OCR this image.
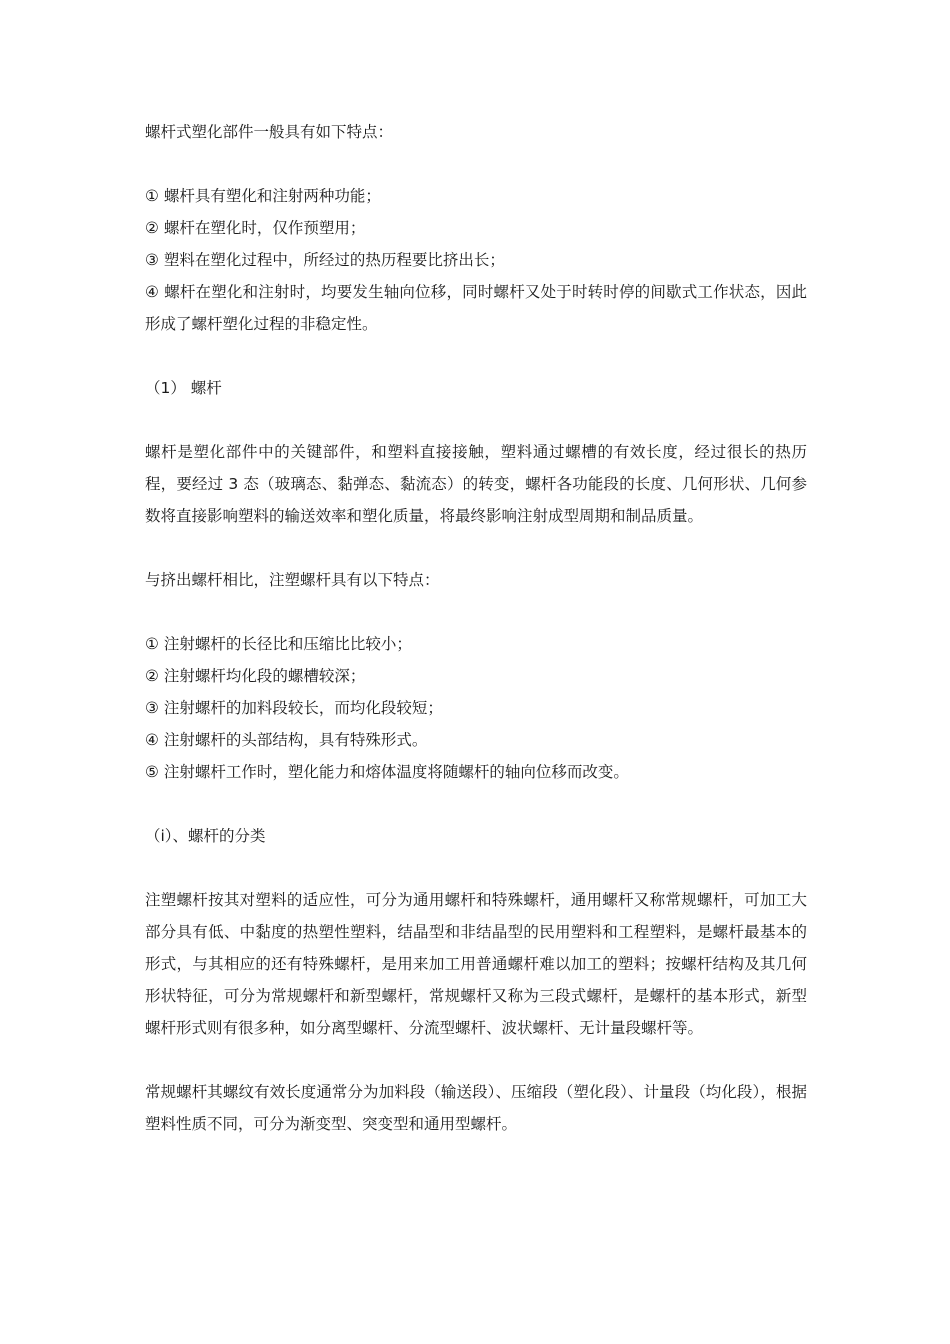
螺杆式塑化部件一般具有如下特点：

① 螺杆具有塑化和注射两种功能；

② 螺杆在塑化时，仅作预塑用；

③ 塑料在塑化过程中，所经过的热历程要比挤出长；

④ 螺杆在塑化和注射时，均要发生轴向位移，同时螺杆又处于时转时停的间歇式工作状态，因此形成了螺杆塑化过程的非稳定性。

（1） 螺杆

螺杆是塑化部件中的关键部件，和塑料直接接触，塑料通过螺槽的有效长度，经过很长的热历程，要经过 3 态（玻璃态、黏弹态、黏流态）的转变，螺杆各功能段的长度、几何形状、几何参数将直接影响塑料的输送效率和塑化质量，将最终影响注射成型周期和制品质量。

与挤出螺杆相比，注塑螺杆具有以下特点：

① 注射螺杆的长径比和压缩比比较小；

② 注射螺杆均化段的螺槽较深；

③ 注射螺杆的加料段较长，而均化段较短；

④ 注射螺杆的头部结构，具有特殊形式。

⑤ 注射螺杆工作时，塑化能力和熔体温度将随螺杆的轴向位移而改变。

（ⅰ）、螺杆的分类

注塑螺杆按其对塑料的适应性，可分为通用螺杆和特殊螺杆，通用螺杆又称常规螺杆，可加工大部分具有低、中黏度的热塑性塑料，结晶型和非结晶型的民用塑料和工程塑料，是螺杆最基本的形式，与其相应的还有特殊螺杆，是用来加工用普通螺杆难以加工的塑料；按螺杆结构及其几何形状特征，可分为常规螺杆和新型螺杆，常规螺杆又称为三段式螺杆，是螺杆的基本形式，新型螺杆形式则有很多种，如分离型螺杆、分流型螺杆、波状螺杆、无计量段螺杆等。

常规螺杆其螺纹有效长度通常分为加料段（输送段）、压缩段（塑化段）、计量段（均化段），根据塑料性质不同，可分为渐变型、突变型和通用型螺杆。
